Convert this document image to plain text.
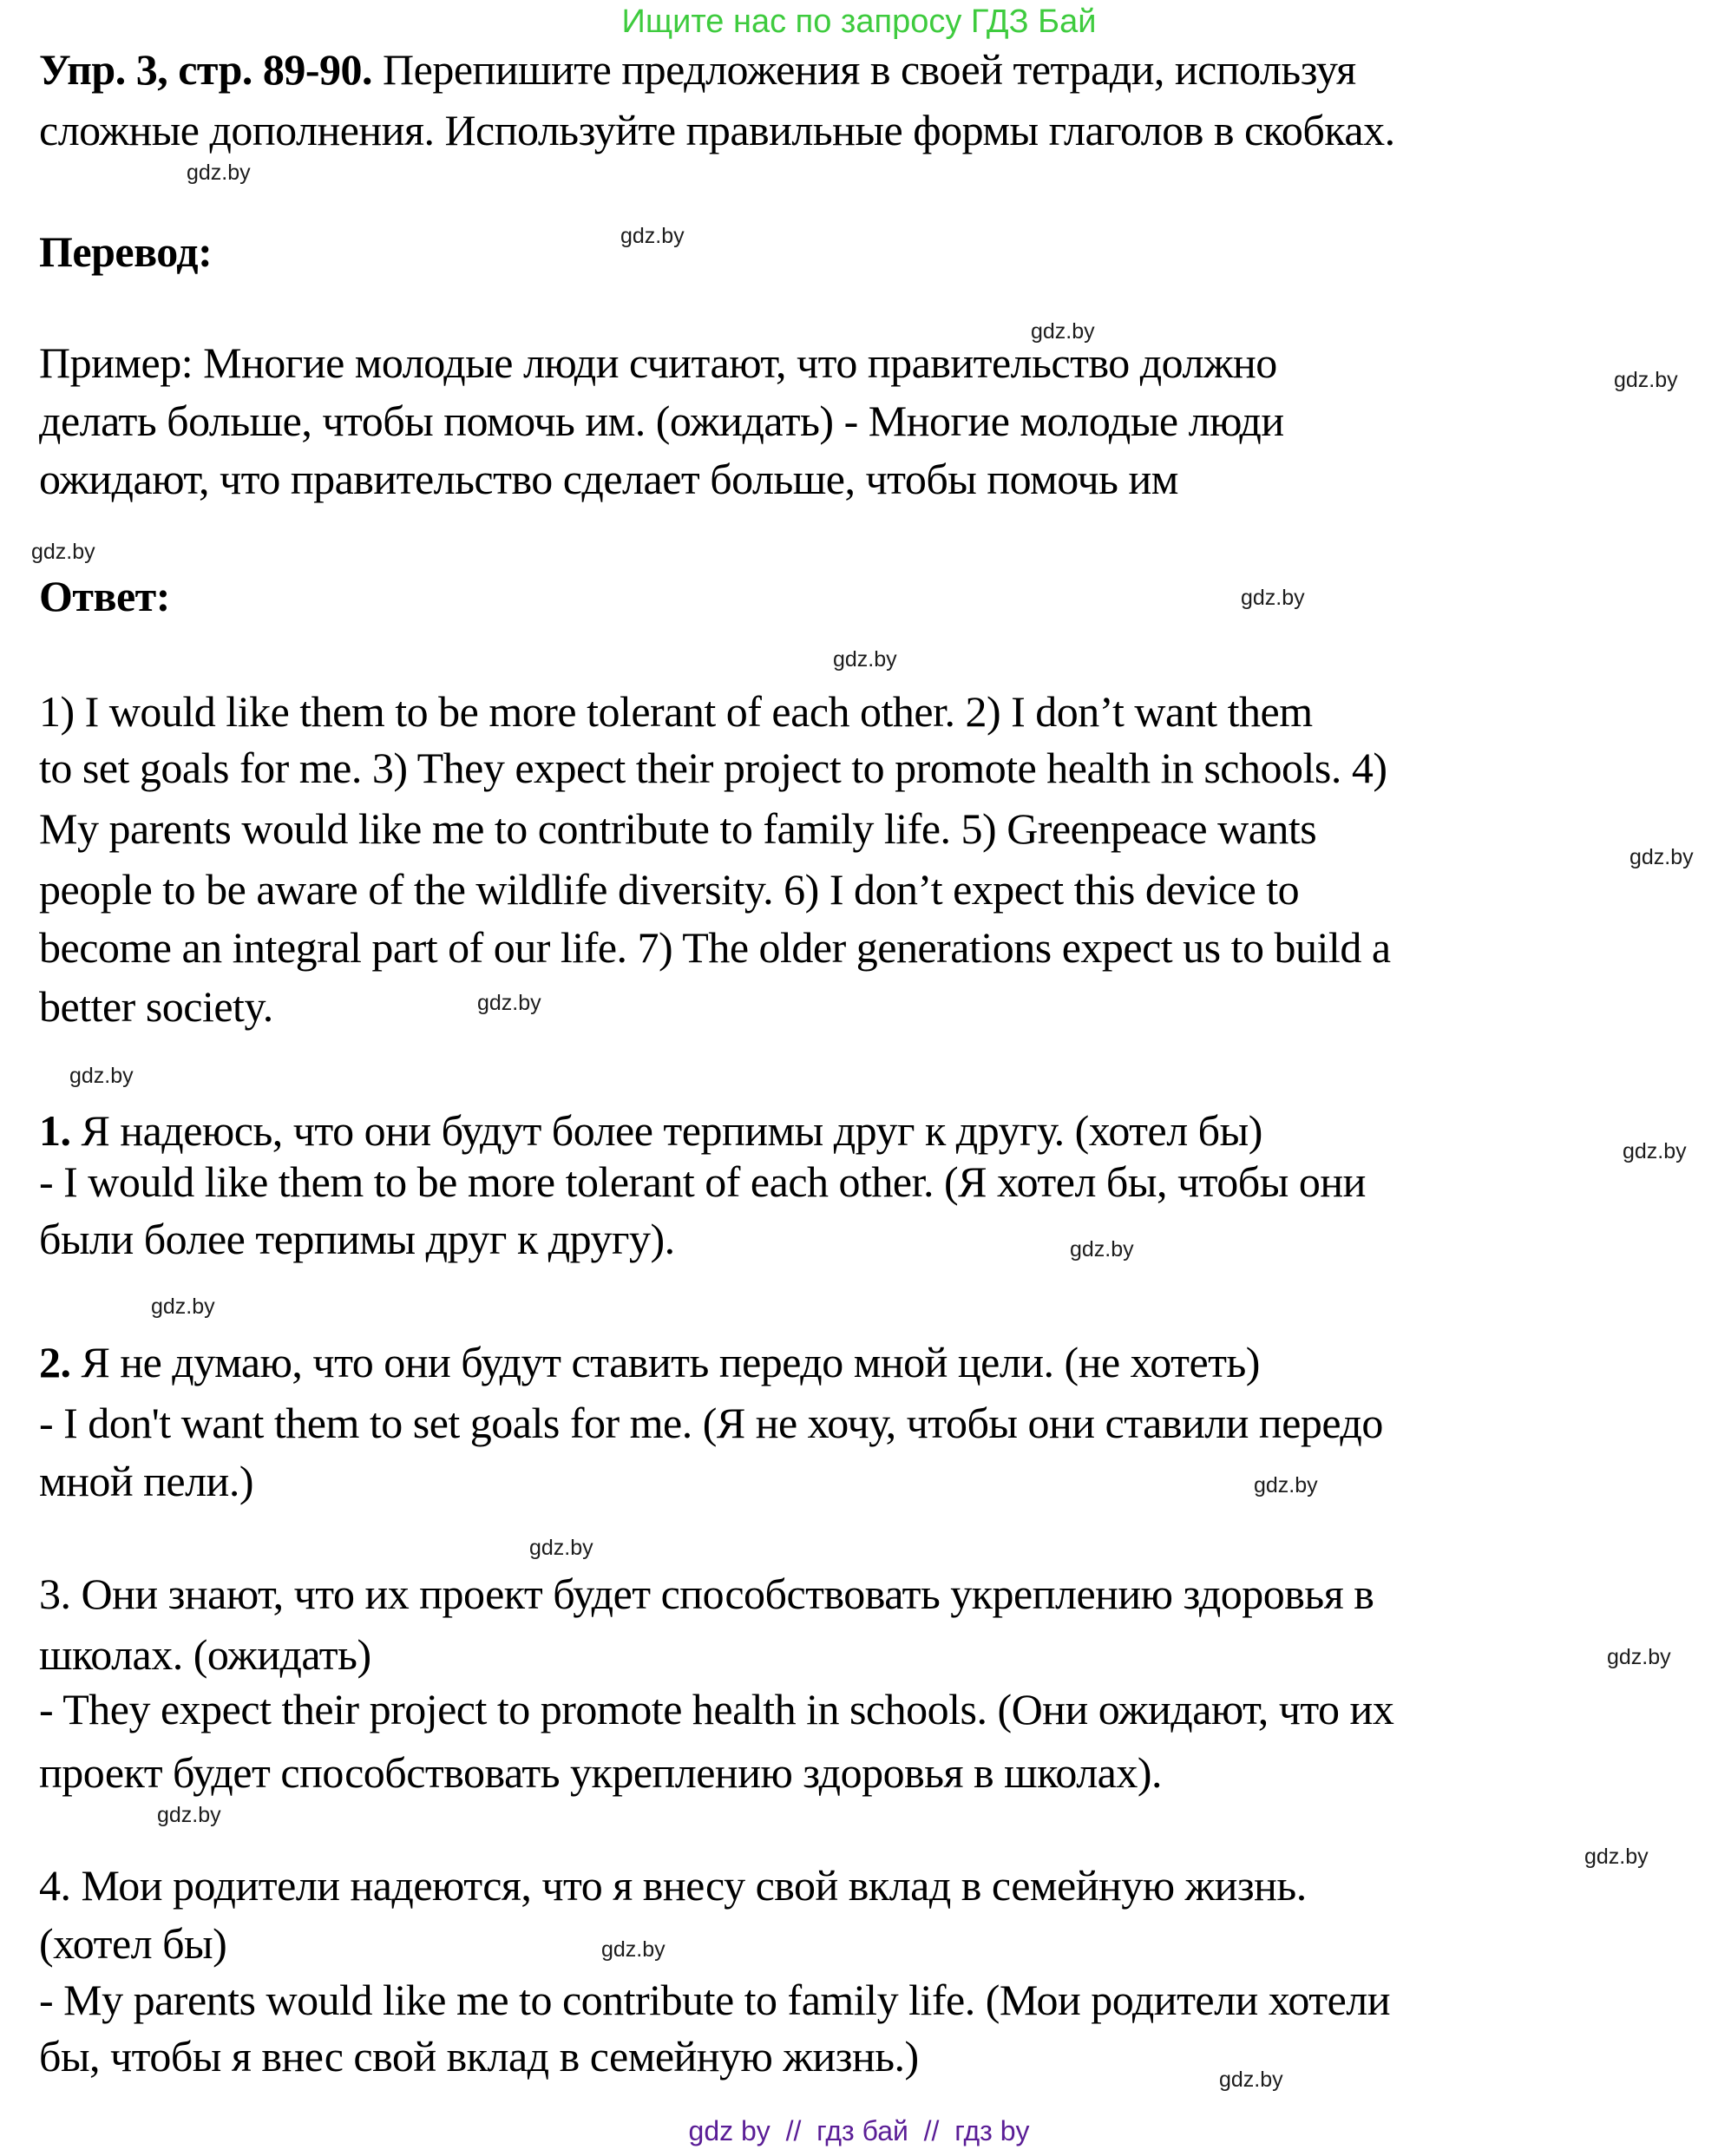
Ищите нас по запросу ГДЗ Бай
Упр. 3, стр. 89-90. Перепишите предложения в своей тетради, используя
сложные дополнения. Используйте правильные формы глаголов в скобках.
Перевод:
Пример: Многие молодые люди считают, что правительство должно
делать больше, чтобы помочь им. (ожидать) - Многие молодые люди
ожидают, что правительство сделает больше, чтобы помочь им
Ответ:
1) I would like them to be more tolerant of each other. 2) I don’t want them
to set goals for me. 3) They expect their project to promote health in schools. 4)
My parents would like me to contribute to family life. 5) Greenpeace wants
people to be aware of the wildlife diversity. 6) I don’t expect this device to
become an integral part of our life. 7) The older generations expect us to build a
better society.
1. Я надеюсь, что они будут более терпимы друг к другу. (хотел бы)
- I would like them to be more tolerant of each other. (Я хотел бы, чтобы они
были более терпимы друг к другу).
2. Я не думаю, что они будут ставить передо мной цели. (не хотеть)
- I don't want them to set goals for me. (Я не хочу, чтобы они ставили передо
мной пели.)
3. Они знают, что их проект будет способствовать укреплению здоровья в
школах. (ожидать)
- They expect their project to promote health in schools. (Они ожидают, что их
проект будет способствовать укреплению здоровья в школах).
4. Мои родители надеются, что я внесу свой вклад в семейную жизнь.
(хотел бы)
- My parents would like me to contribute to family life. (Мои родители хотели
бы, чтобы я внес свой вклад в семейную жизнь.)
gdz.by
gdz.by
gdz.by
gdz.by
gdz.by
gdz.by
gdz.by
gdz.by
gdz.by
gdz.by
gdz.by
gdz.by
gdz.by
gdz.by
gdz.by
gdz.by
gdz.by
gdz.by
gdz.by
gdz.by
gdz by  //  гдз бай  //  гдз by
